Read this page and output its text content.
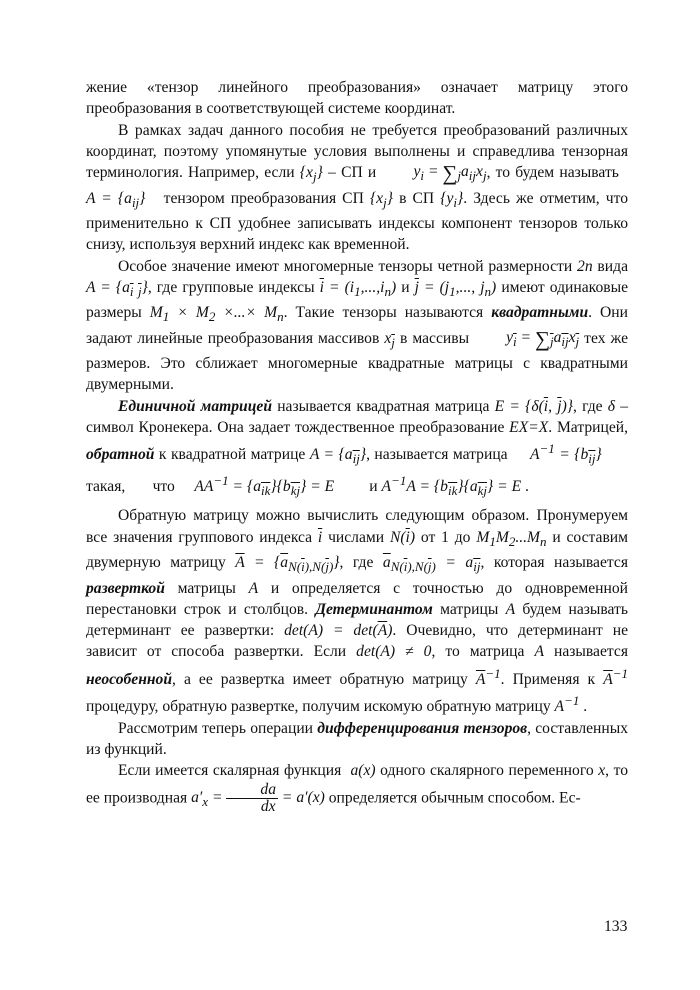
жение «тензор линейного преобразования» означает матрицу этого преобразования в соответствующей системе координат.

В рамках задач данного пособия не требуется преобразований различных координат, поэтому упомянутые условия выполнены и справедлива тензорная терминология. Например, если $\{x_j\}$ – СП и $y_i = \sum_ja_{ij}x_j$, то будем называть   $A = \{a_{ij}\}$ тензором преобразования СП $\{x_j\}$ в СП $\{y_i\}$. Здесь же отметим, что применительно к СП удобнее записывать индексы компонент тензоров только снизу, используя верхний индекс как временной.

Особое значение имеют многомерные тензоры четной размерности 2n вида $A = \{a_{\overline{i} \overline{j}}\}$, где групповые индексы $\overline{i} = (i_1,...,i_n)$ и $\overline{j} = (j_1$,..., $j_n$) имеют одинаковые размеры $M_1 \times M_2$ ×...× $M_n$. Такие тензоры называются квадратными. Они задают линейные преобразования массивов $x_{\overline{j}}$ в массивы $y_{\overline{i}} = \sum_{\overline{j}}a_{\overline{ij}}x_{\overline{j}}$ тех же размеров. Это сближает многомерные квадратные матрицы с квадратными двумерными.

Единичной матрицей называется квадратная матрица $E = \{\delta(\overline{i}$, $\overline{j}$)}, где δ – символ Кронекера. Она задает тождественное преобразование EX=X. Матрицей, обратной к квадратной матрице $A = \{a_{\overline{ij}}\}$, называется матрица $A^{-1} = \{b_{\overline{ij}}\}$       такая, что $AA^{-1} = \{a_{\overline{ik}}\}\{b_{\overline{kj}}\} = E$ и $A^{-1}A = \{b_{\overline{ik}}\}\{a_{\overline{kj}}\} = E$ .

Обратную матрицу можно вычислить следующим образом. Пронумеруем все значения группового индекса $\overline{i}$ числами $N(\overline{i})$ от 1 до $M_1M_2...M_n$ и составим двумерную матрицу $\overline{A} = \{\overline{a}_{N(\overline{i}),N(\overline{j})}\}$, где $\overline{a}_{N(\overline{i}),N(\overline{j})} = a_{\overline{ij}}$, которая называется разверткой матрицы A и определяется с точностью до одновременной перестановки строк и столбцов. Детерминантом матрицы A будем называть детерминант ее развертки: $\det(A) = \det(\overline{A})$. Очевидно, что детерминант не зависит от способа развертки. Если det(A) ≠ 0, то матрица A называется неособенной, а ее развертка имеет обратную матрицу $\overline{A}^{-1}$. Применяя к $\overline{A}^{-1}$ процедуру, обратную развертке, получим искомую обратную матрицу $A^{-1}$ .

Рассмотрим теперь операции дифференцирования тензоров, составленных из функций.

Если имеется скалярная функция a(x) одного скалярного переменного x, то ее производная $a'_x = \frac{da}{dx} = a'(x)$ определяется обычным способом. Ес-

133
